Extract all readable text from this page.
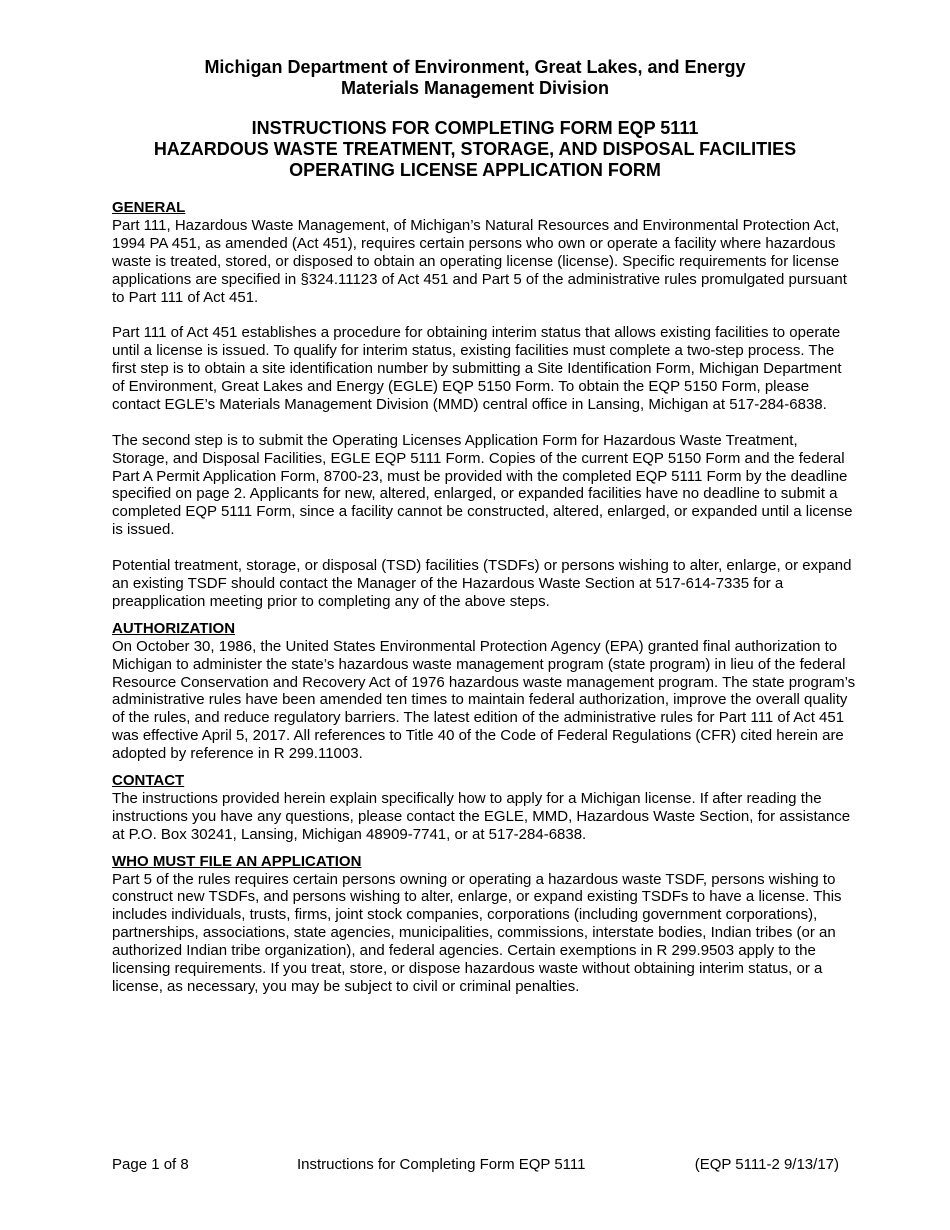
Michigan Department of Environment, Great Lakes, and Energy
Materials Management Division
INSTRUCTIONS FOR COMPLETING FORM EQP 5111
HAZARDOUS WASTE TREATMENT, STORAGE, AND DISPOSAL FACILITIES
OPERATING LICENSE APPLICATION FORM
GENERAL

Part 111, Hazardous Waste Management, of Michigan’s Natural Resources and Environmental Protection Act, 1994 PA 451, as amended (Act 451), requires certain persons who own or operate a facility where hazardous waste is treated, stored, or disposed to obtain an operating license (license). Specific requirements for license applications are specified in §324.11123 of Act 451 and Part 5 of the administrative rules promulgated pursuant to Part 111 of Act 451.

Part 111 of Act 451 establishes a procedure for obtaining interim status that allows existing facilities to operate until a license is issued. To qualify for interim status, existing facilities must complete a two-step process. The first step is to obtain a site identification number by submitting a Site Identification Form, Michigan Department of Environment, Great Lakes and Energy (EGLE) EQP 5150 Form. To obtain the EQP 5150 Form, please contact EGLE’s Materials Management Division (MMD) central office in Lansing, Michigan at 517-284-6838.

The second step is to submit the Operating Licenses Application Form for Hazardous Waste Treatment, Storage, and Disposal Facilities, EGLE EQP 5111 Form. Copies of the current EQP 5150 Form and the federal Part A Permit Application Form, 8700-23, must be provided with the completed EQP 5111 Form by the deadline specified on page 2. Applicants for new, altered, enlarged, or expanded facilities have no deadline to submit a completed EQP 5111 Form, since a facility cannot be constructed, altered, enlarged, or expanded until a license is issued.

Potential treatment, storage, or disposal (TSD) facilities (TSDFs) or persons wishing to alter, enlarge, or expand an existing TSDF should contact the Manager of the Hazardous Waste Section at 517-614-7335 for a preapplication meeting prior to completing any of the above steps.

AUTHORIZATION

On October 30, 1986, the United States Environmental Protection Agency (EPA) granted final authorization to Michigan to administer the state’s hazardous waste management program (state program) in lieu of the federal Resource Conservation and Recovery Act of 1976 hazardous waste management program. The state program’s administrative rules have been amended ten times to maintain federal authorization, improve the overall quality of the rules, and reduce regulatory barriers. The latest edition of the administrative rules for Part 111 of Act 451 was effective April 5, 2017. All references to Title 40 of the Code of Federal Regulations (CFR) cited herein are adopted by reference in R 299.11003.

CONTACT

The instructions provided herein explain specifically how to apply for a Michigan license. If after reading the instructions you have any questions, please contact the EGLE, MMD, Hazardous Waste Section, for assistance at P.O. Box 30241, Lansing, Michigan 48909-7741, or at 517-284-6838.

WHO MUST FILE AN APPLICATION

Part 5 of the rules requires certain persons owning or operating a hazardous waste TSDF, persons wishing to construct new TSDFs, and persons wishing to alter, enlarge, or expand existing TSDFs to have a license. This includes individuals, trusts, firms, joint stock companies, corporations (including government corporations), partnerships, associations, state agencies, municipalities, commissions, interstate bodies, Indian tribes (or an authorized Indian tribe organization), and federal agencies. Certain exemptions in R 299.9503 apply to the licensing requirements. If you treat, store, or dispose hazardous waste without obtaining interim status, or a license, as necessary, you may be subject to civil or criminal penalties.

Page 1 of 8	Instructions for Completing Form EQP 5111	(EQP 5111-2 9/13/17)
